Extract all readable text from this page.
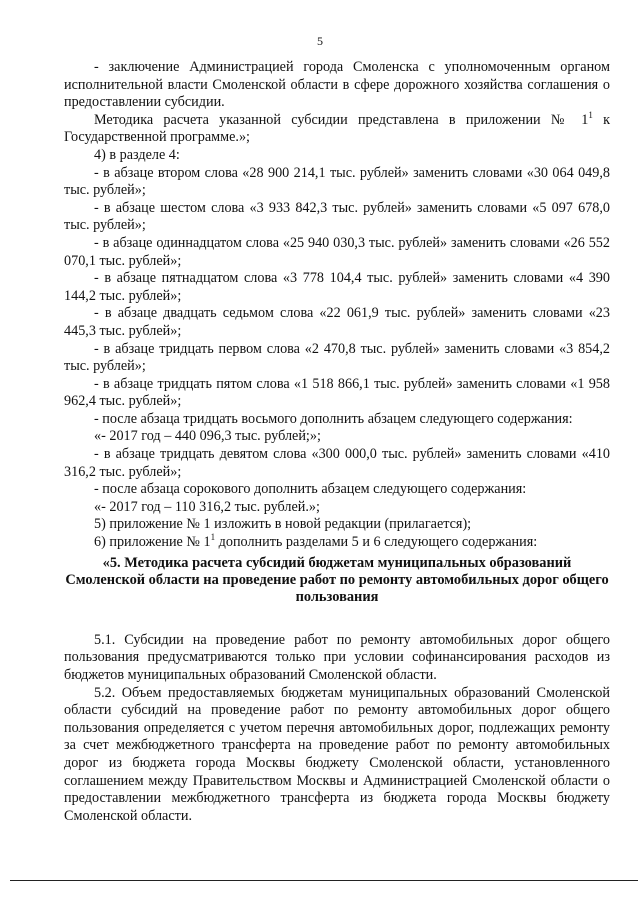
5

- заключение Администрацией города Смоленска с уполномоченным органом исполнительной власти Смоленской области в сфере дорожного хозяйства соглашения о предоставлении субсидии.

Методика расчета указанной субсидии представлена в приложении № $1^1$ к Государственной программе.»;

4) в разделе 4:

- в абзаце втором слова «28 900 214,1 тыс. рублей» заменить словами «30 064 049,8 тыс. рублей»;

- в абзаце шестом слова «3 933 842,3 тыс. рублей» заменить словами «5 097 678,0 тыс. рублей»;

- в абзаце одиннадцатом слова «25 940 030,3 тыс. рублей» заменить словами «26 552 070,1 тыс. рублей»;

- в абзаце пятнадцатом слова «3 778 104,4 тыс. рублей» заменить словами «4 390 144,2 тыс. рублей»;

- в абзаце двадцать седьмом слова «22 061,9 тыс. рублей» заменить словами «23 445,3 тыс. рублей»;

- в абзаце тридцать первом слова «2 470,8 тыс. рублей» заменить словами «3 854,2 тыс. рублей»;

- в абзаце тридцать пятом слова «1 518 866,1 тыс. рублей» заменить словами «1 958 962,4 тыс. рублей»;

- после абзаца тридцать восьмого дополнить абзацем следующего содержания:

«- 2017 год – 440 096,3 тыс. рублей;»;

- в абзаце тридцать девятом слова «300 000,0 тыс. рублей» заменить словами «410 316,2 тыс. рублей»;

- после абзаца сорокового дополнить абзацем следующего содержания:

«- 2017 год – 110 316,2 тыс. рублей.»;

5) приложение № 1 изложить в новой редакции (прилагается);

6) приложение № $1^1$ дополнить разделами 5 и 6 следующего содержания:

«5. Методика расчета субсидий бюджетам муниципальных образований Смоленской области на проведение работ по ремонту автомобильных дорог общего пользования

5.1. Субсидии на проведение работ по ремонту автомобильных дорог общего пользования предусматриваются только при условии софинансирования расходов из бюджетов муниципальных образований Смоленской области.

5.2. Объем предоставляемых бюджетам муниципальных образований Смоленской области субсидий на проведение работ по ремонту автомобильных дорог общего пользования определяется с учетом перечня автомобильных дорог, подлежащих ремонту за счет межбюджетного трансферта на проведение работ по ремонту автомобильных дорог из бюджета города Москвы бюджету Смоленской области, установленного соглашением между Правительством Москвы и Администрацией Смоленской области о предоставлении межбюджетного трансферта из бюджета города Москвы бюджету Смоленской области.
